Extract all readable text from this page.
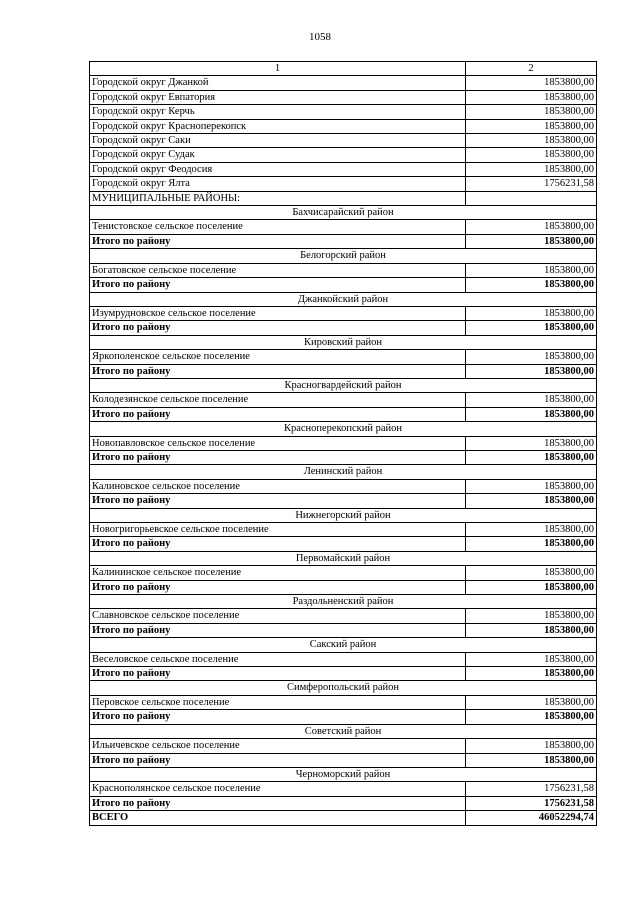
1058
1	2
Городской округ Джанкой	1853800,00
Городской округ Евпатория	1853800,00
Городской округ Керчь	1853800,00
Городской округ Красноперекопск	1853800,00
Городской округ Саки	1853800,00
Городской округ Судак	1853800,00
Городской округ Феодосия	1853800,00
Городской округ Ялта	1756231,58
МУНИЦИПАЛЬНЫЕ РАЙОНЫ:	
Бахчисарайский район	
Тенистовское сельское поселение	1853800,00
Итого по району	1853800,00
Белогорский район	
Богатовское сельское поселение	1853800,00
Итого по району	1853800,00
Джанкойский район	
Изумрудновское сельское поселение	1853800,00
Итого по району	1853800,00
Кировский район	
Яркополенское сельское поселение	1853800,00
Итого по району	1853800,00
Красногвардейский район	
Колодезянское сельское поселение	1853800,00
Итого по району	1853800,00
Красноперекопский район	
Новопавловское сельское поселение	1853800,00
Итого по району	1853800,00
Ленинский район	
Калиновское сельское поселение	1853800,00
Итого по району	1853800,00
Нижнегорский район	
Новогригорьевское сельское поселение	1853800,00
Итого по району	1853800,00
Первомайский район	
Калининское сельское поселение	1853800,00
Итого по району	1853800,00
Раздольненский район	
Славновское сельское поселение	1853800,00
Итого по району	1853800,00
Сакский район	
Веселовское сельское поселение	1853800,00
Итого по району	1853800,00
Симферопольский район	
Перовское сельское поселение	1853800,00
Итого по району	1853800,00
Советский район	
Ильичевское сельское поселение	1853800,00
Итого по району	1853800,00
Черноморский район	
Краснополянское сельское поселение	1756231,58
Итого по району	1756231,58
ВСЕГО	46052294,74
